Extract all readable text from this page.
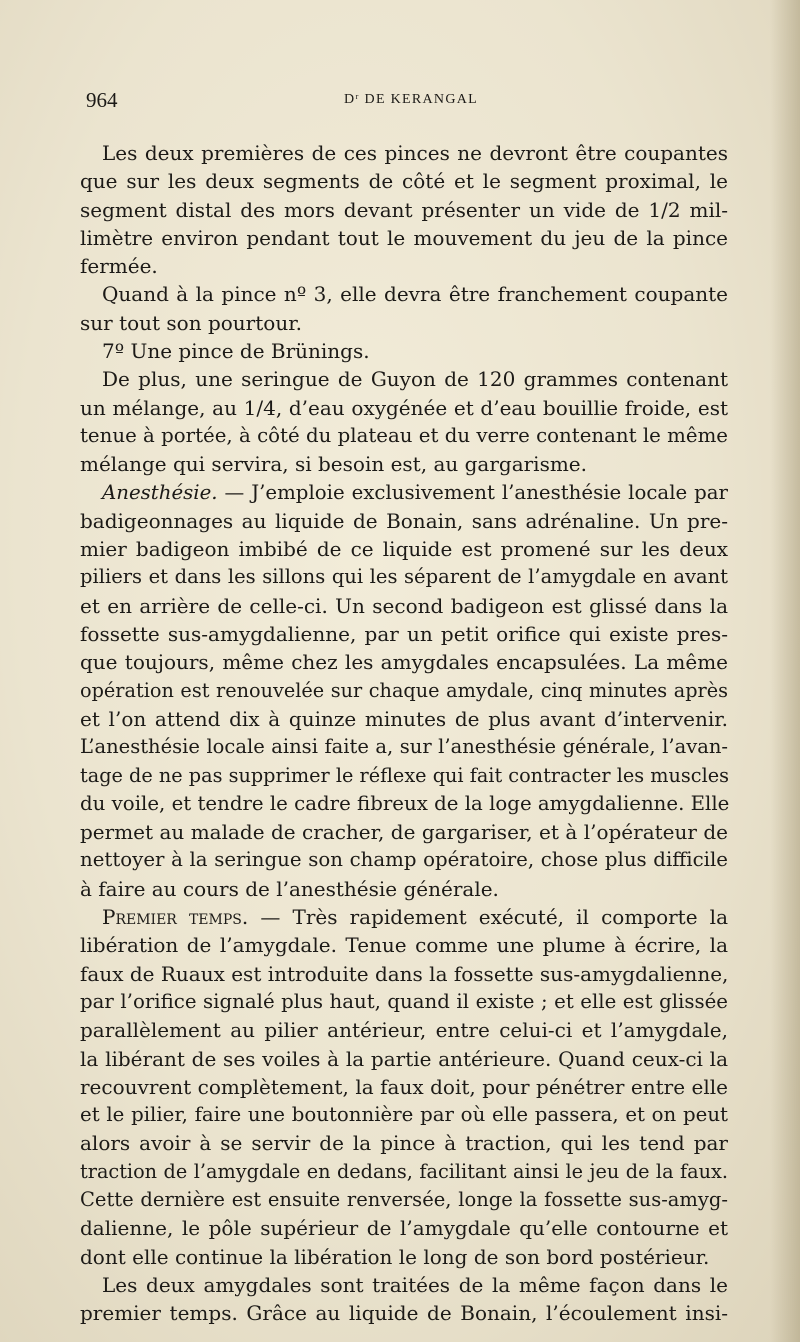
964	Dʳ DE KERANGAL
Les deux premières de ces pinces ne devront être coupantes
que sur les deux segments de côté et le segment proximal, le
segment distal des mors devant présenter un vide de 1/2 mil-
limètre environ pendant tout le mouvement du jeu de la pince
fermée.
Quand à la pince nº 3, elle devra être franchement coupante
sur tout son pourtour.
7º Une pince de Brünings.
De plus, une seringue de Guyon de 120 grammes contenant
un mélange, au 1/4, d’eau oxygénée et d’eau bouillie froide, est
tenue à portée, à côté du plateau et du verre contenant le même
mélange qui servira, si besoin est, au gargarisme.
Anesthésie. — J’emploie exclusivement l’anesthésie locale par
badigeonnages au liquide de Bonain, sans adrénaline. Un pre-
mier badigeon imbibé de ce liquide est promené sur les deux
piliers et dans les sillons qui les séparent de l’amygdale en avant
et en arrière de celle-ci. Un second badigeon est glissé dans la
fossette sus-amygdalienne, par un petit orifice qui existe pres-
que toujours, même chez les amygdales encapsulées. La même
opération est renouvelée sur chaque amydale, cinq minutes après
et l’on attend dix à quinze minutes de plus avant d’intervenir.
L’anesthésie locale ainsi faite a, sur l’anesthésie générale, l’avan-
tage de ne pas supprimer le réflexe qui fait contracter les muscles
du voile, et tendre le cadre fibreux de la loge amygdalienne. Elle
permet au malade de cracher, de gargariser, et à l’opérateur de
nettoyer à la seringue son champ opératoire, chose plus difficile
à faire au cours de l’anesthésie générale.
Premier temps. — Très rapidement exécuté, il comporte la
libération de l’amygdale. Tenue comme une plume à écrire, la
faux de Ruaux est introduite dans la fossette sus-amygdalienne,
par l’orifice signalé plus haut, quand il existe ; et elle est glissée
parallèlement au pilier antérieur, entre celui-ci et l’amygdale,
la libérant de ses voiles à la partie antérieure. Quand ceux-ci la
recouvrent complètement, la faux doit, pour pénétrer entre elle
et le pilier, faire une boutonnière par où elle passera, et on peut
alors avoir à se servir de la pince à traction, qui les tend par
traction de l’amygdale en dedans, facilitant ainsi le jeu de la faux.
Cette dernière est ensuite renversée, longe la fossette sus-amyg-
dalienne, le pôle supérieur de l’amygdale qu’elle contourne et
dont elle continue la libération le long de son bord postérieur.
Les deux amygdales sont traitées de la même façon dans le
premier temps. Grâce au liquide de Bonain, l’écoulement insi-
